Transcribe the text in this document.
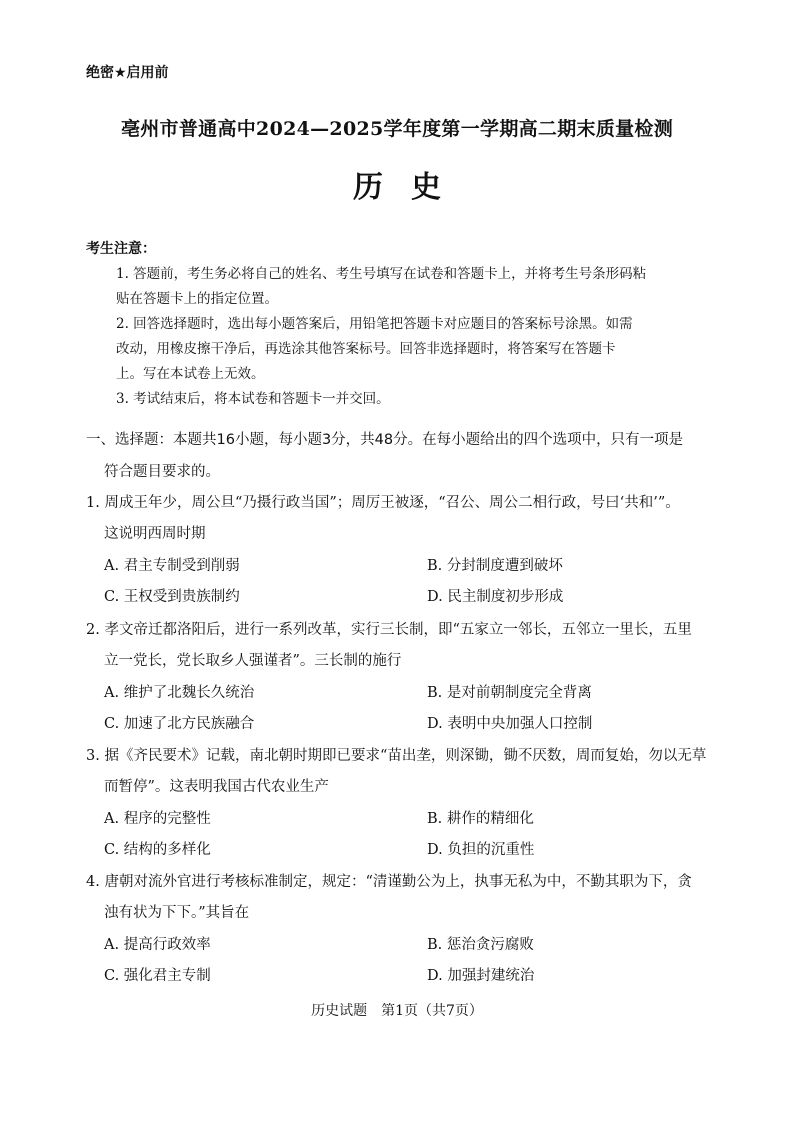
绝密★启用前
亳州市普通高中2024—2025学年度第一学期高二期末质量检测
历史
考生注意：
1. 答题前，考生务必将自己的姓名、考生号填写在试卷和答题卡上，并将考生号条形码粘
贴在答题卡上的指定位置。
2. 回答选择题时，选出每小题答案后，用铅笔把答题卡对应题目的答案标号涂黑。如需
改动，用橡皮擦干净后，再选涂其他答案标号。回答非选择题时，将答案写在答题卡
上。写在本试卷上无效。
3. 考试结束后，将本试卷和答题卡一并交回。
一、选择题：本题共16小题，每小题3分，共48分。在每小题给出的四个选项中，只有一项是
符合题目要求的。
1. 周成王年少，周公旦“乃摄行政当国”；周厉王被逐，“召公、周公二相行政，号曰‘共和’”。
这说明西周时期
A. 君主专制受到削弱	B. 分封制度遭到破坏
C. 王权受到贵族制约	D. 民主制度初步形成
2. 孝文帝迁都洛阳后，进行一系列改革，实行三长制，即“五家立一邻长，五邻立一里长，五里
立一党长，党长取乡人强谨者”。三长制的施行
A. 维护了北魏长久统治	B. 是对前朝制度完全背离
C. 加速了北方民族融合	D. 表明中央加强人口控制
3. 据《齐民要术》记载，南北朝时期即已要求“苗出垄，则深锄，锄不厌数，周而复始，勿以无草
而暂停”。这表明我国古代农业生产
A. 程序的完整性	B. 耕作的精细化
C. 结构的多样化	D. 负担的沉重性
4. 唐朝对流外官进行考核标准制定，规定：“清谨勤公为上，执事无私为中，不勤其职为下，贪
浊有状为下下。”其旨在
A. 提高行政效率	B. 惩治贪污腐败
C. 强化君主专制	D. 加强封建统治
历史试题　第1页（共7页）
